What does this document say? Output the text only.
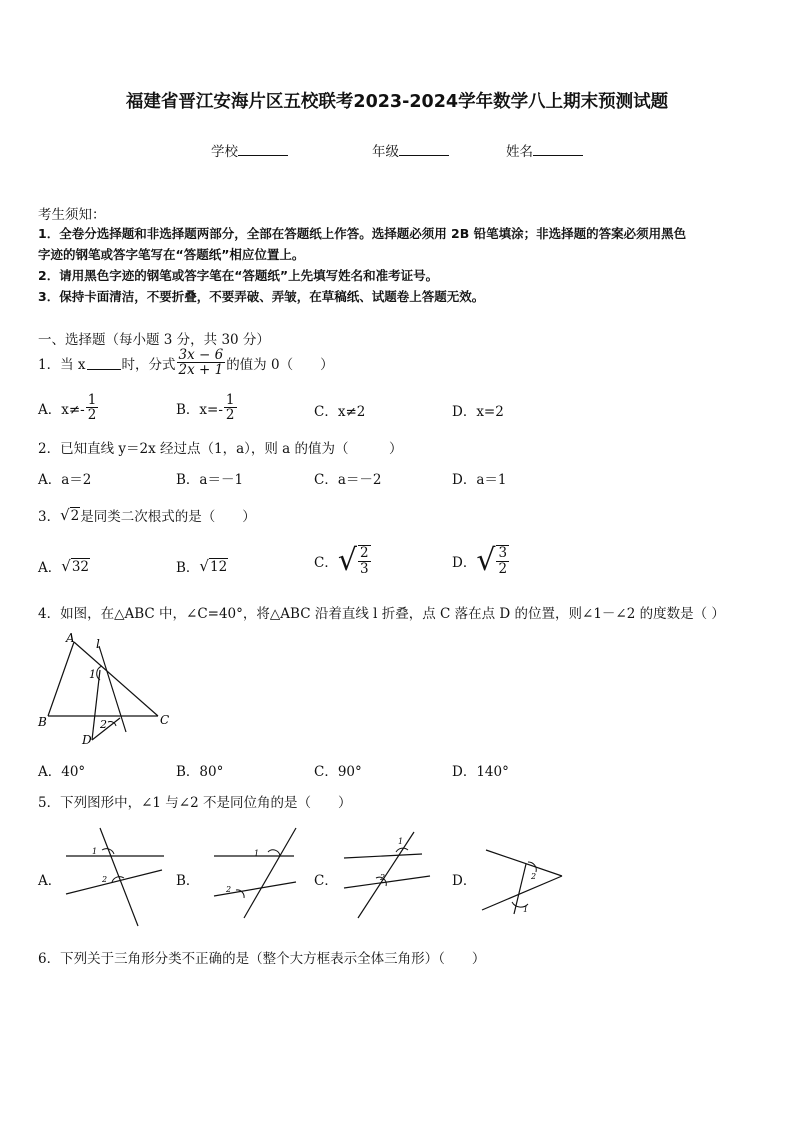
福建省晋江安海片区五校联考2023-2024学年数学八上期末预测试题
学校	年级	姓名
考生须知：
1．全卷分选择题和非选择题两部分，全部在答题纸上作答。选择题必须用 2B 铅笔填涂；非选择题的答案必须用黑色
字迹的钢笔或答字笔写在“答题纸”相应位置上。
2．请用黑色字迹的钢笔或答字笔在“答题纸”上先填写姓名和准考证号。
3．保持卡面清洁，不要折叠，不要弄破、弄皱，在草稿纸、试题卷上答题无效。
一、选择题（每小题 3 分，共 30 分）
1．当 x	时，分式 $\frac{3x - 6}{2x + 1}$ 的值为 0（　　）
A．$x\ne- \frac{1}{2}$	B．$x=- \frac{1}{2}$	C．x≠2	D．x=2
2．已知直线 y＝2x 经过点（1，a），则 a 的值为（　　　）
A．a＝2	B．a＝－1	C．a＝－2	D．a＝1
3． √ 2 是同类二次根式的是（　　）
A． √ 32	B． √ 12	C． √ $\frac{2}{3}$	D． √ $\frac{3}{2}$
4．如图，在△ABC 中，∠C=40°，将△ABC 沿着直线 l 折叠，点 C 落在点 D 的位置，则∠1－∠2 的度数是（ ）
A l
1
B	C
2
D
A．40°	B．80°	C．90°	D．140°
5．下列图形中，∠1 与∠2 不是同位角的是（　　）
A．
1
2	B．
1
2
C．
1
2	D．	2
1
6．下列关于三角形分类不正确的是（整个大方框表示全体三角形）（　　）
